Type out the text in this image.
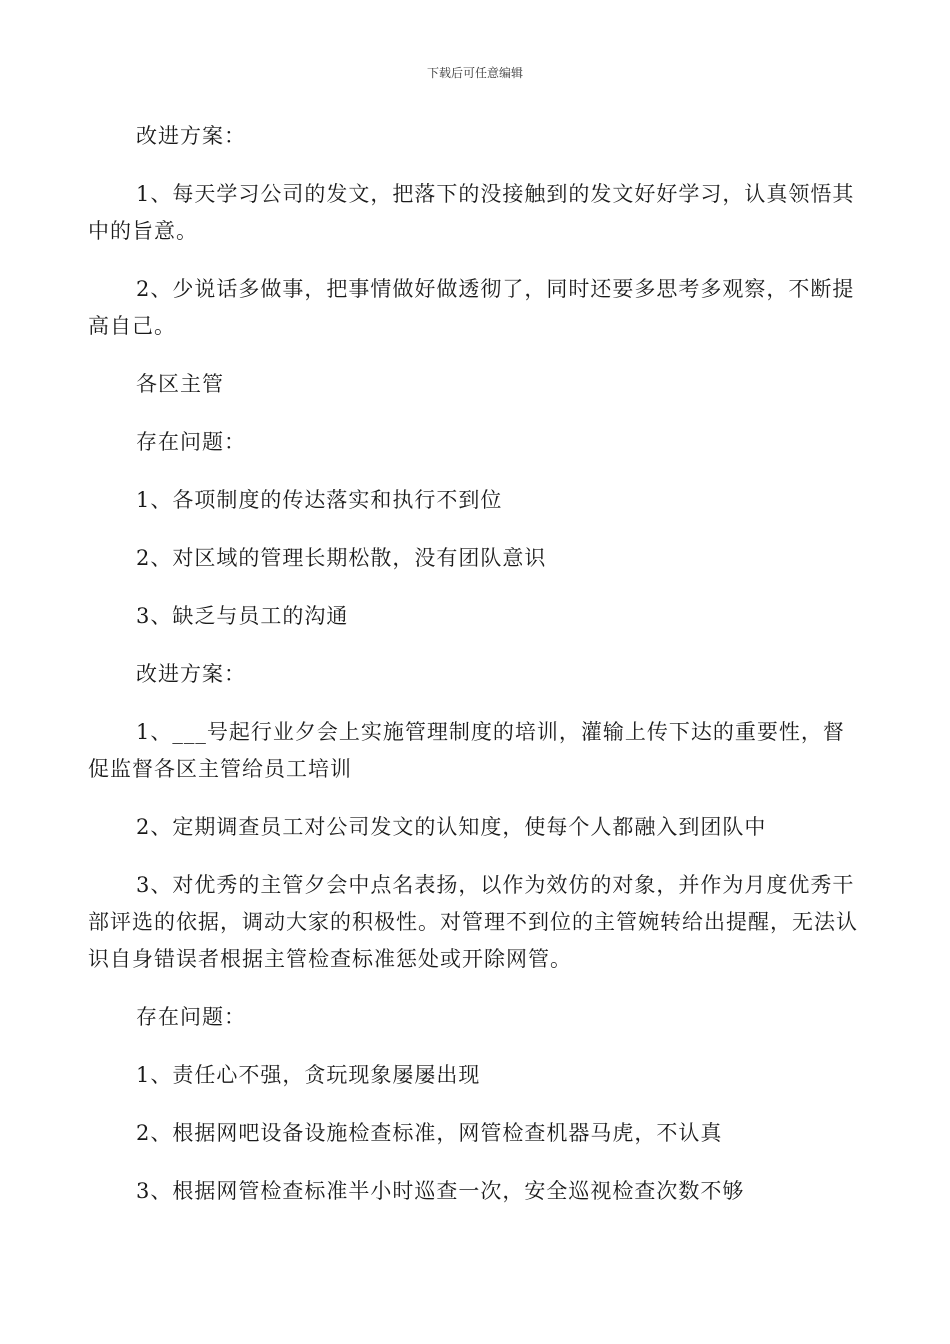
下载后可任意编辑

改进方案：

1、每天学习公司的发文，把落下的没接触到的发文好好学习，认真领悟其中的旨意。

2、少说话多做事，把事情做好做透彻了，同时还要多思考多观察，不断提高自己。

各区主管

存在问题：

1、各项制度的传达落实和执行不到位

2、对区域的管理长期松散，没有团队意识

3、缺乏与员工的沟通

改进方案：

1、___号起行业夕会上实施管理制度的培训，灌输上传下达的重要性，督促监督各区主管给员工培训

2、定期调查员工对公司发文的认知度，使每个人都融入到团队中

3、对优秀的主管夕会中点名表扬，以作为效仿的对象，并作为月度优秀干部评选的依据，调动大家的积极性。对管理不到位的主管婉转给出提醒，无法认识自身错误者根据主管检查标准惩处或开除网管。

存在问题：

1、责任心不强，贪玩现象屡屡出现

2、根据网吧设备设施检查标准，网管检查机器马虎，不认真

3、根据网管检查标准半小时巡查一次，安全巡视检查次数不够
